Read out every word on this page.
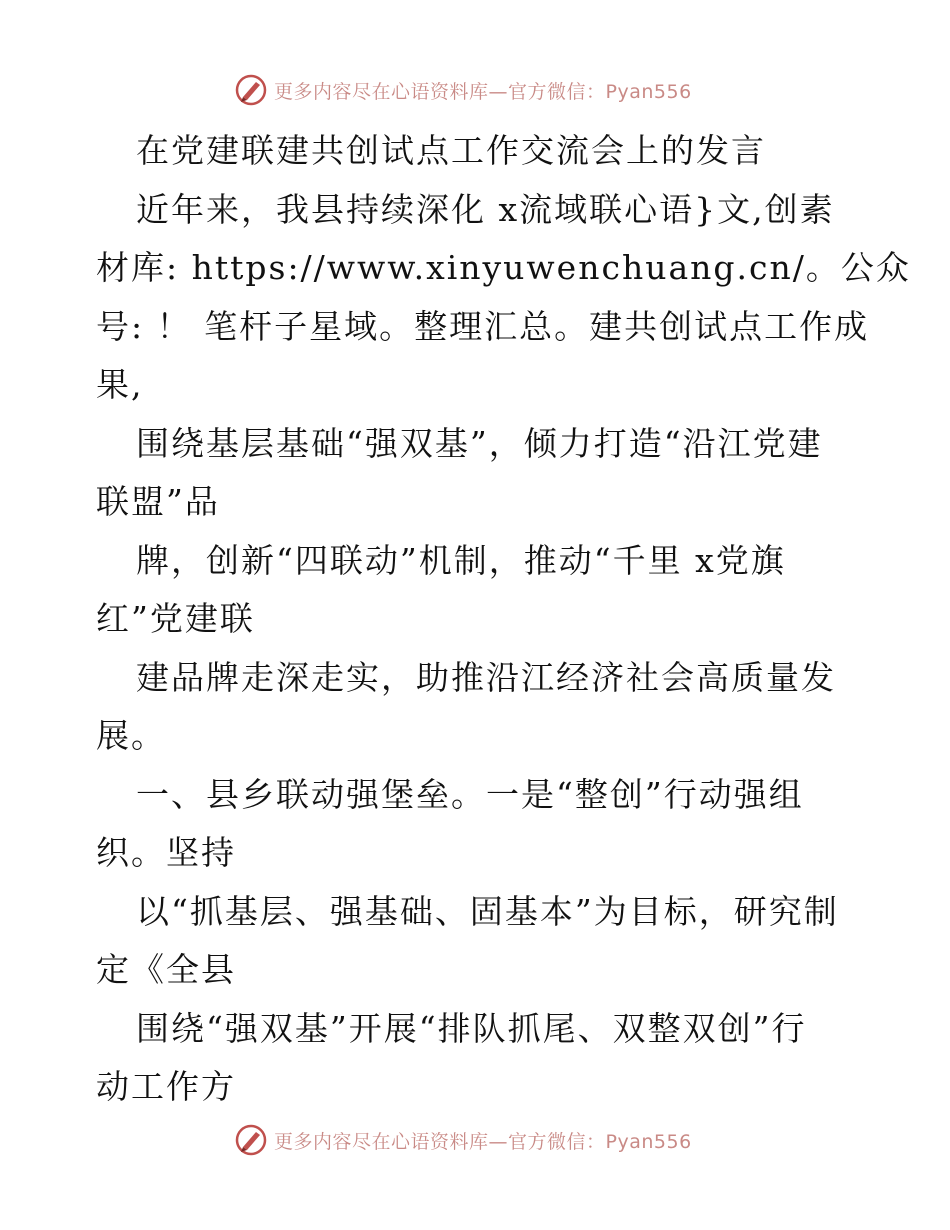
更多内容尽在心语资料库—官方微信：Pyan556
在党建联建共创试点工作交流会上的发言
近年来，我县持续深化 x流域联心语}文,创素
材库: https://www.xinyuwenchuang.cn/。公众
号: ！ 笔杆子星域。整理汇总。建共创试点工作成
果,
围绕基层基础“强双基”，倾力打造“沿江党建
联盟”品
牌，创新“四联动”机制，推动“千里 x党旗
红”党建联
建品牌走深走实，助推沿江经济社会高质量发
展。
一、县乡联动强堡垒。一是“整创”行动强组
织。坚持
以“抓基层、强基础、固基本”为目标，研究制
定《全县
围绕“强双基”开展“排队抓尾、双整双创”行
动工作方
更多内容尽在心语资料库—官方微信：Pyan556
